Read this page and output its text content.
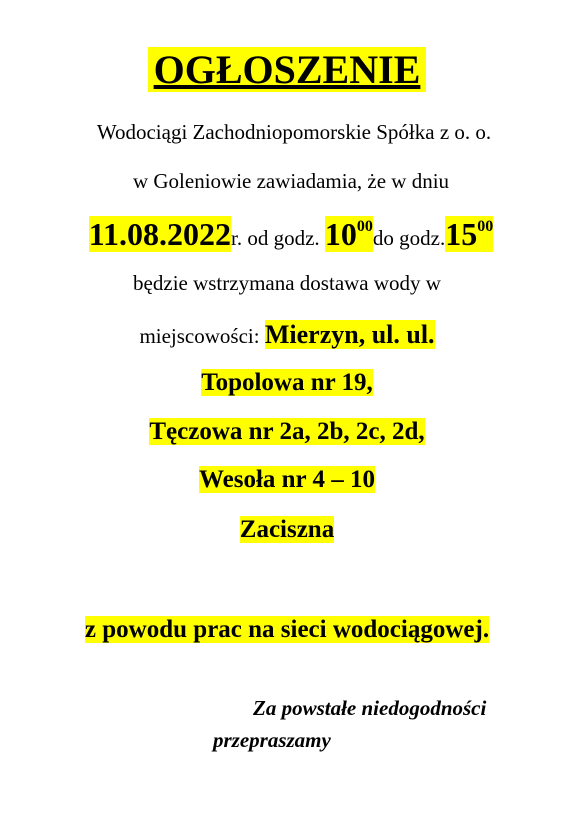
OGŁOSZENIE
Wodociągi Zachodniopomorskie Spółka z o. o.
w Goleniowie zawiadamia, że w dniu
11.08.2022r. od godz. $10^{00}do$ $godz.15^{00}$
będzie wstrzymana dostawa wody w
miejscowości: Mierzyn, ul. ul.
Topolowa nr 19,
Tęczowa nr 2a, 2b, 2c, 2d,
Wesoła nr 4 – 10
Zaciszna
z powodu prac na sieci wodociągowej.
Za powstałe niedogodności
przepraszamy
